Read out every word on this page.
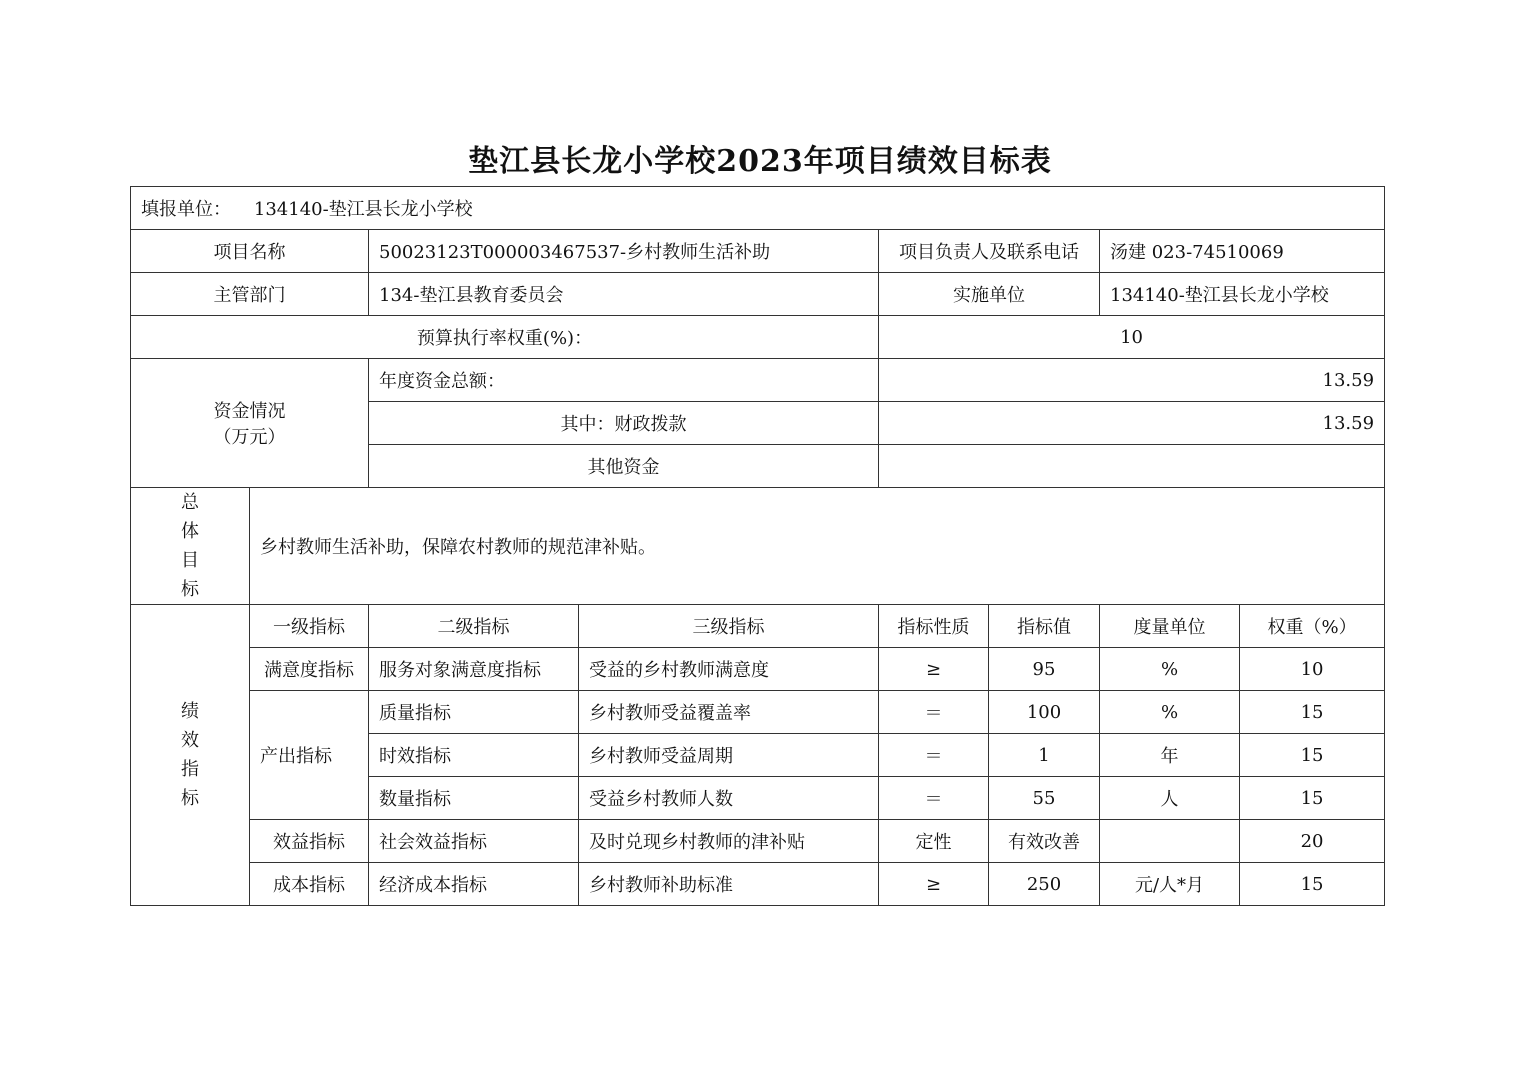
垫江县长龙小学校2023年项目绩效目标表
填报单位： 134140-垫江县长龙小学校							
项目名称		50023123T000003467537-乡村教师生活补助		项目负责人及联系电话		汤建 023-74510069	
主管部门		134-垫江县教育委员会		实施单位		134140-垫江县长龙小学校	
预算执行率权重(%)：				10			
资金情况
（万元）		年度资金总额：		13.59			
		其中：财政拨款		13.59			
		其他资金					

总
体
目
标	乡村教师生活补助，保障农村教师的规范津补贴。						

绩
效
指
标	一级指标	二级指标	三级指标	指标性质	指标值	度量单位	权重（%）
	满意度指标	服务对象满意度指标	受益的乡村教师满意度	≥	95	%	10
	产出指标	质量指标	乡村教师受益覆盖率	＝	100	%	15
		时效指标	乡村教师受益周期	＝	1	年	15
		数量指标	受益乡村教师人数	＝	55	人	15
	效益指标	社会效益指标	及时兑现乡村教师的津补贴	定性	有效改善		20
	成本指标	经济成本指标	乡村教师补助标准	≥	250	元/人*月	15
